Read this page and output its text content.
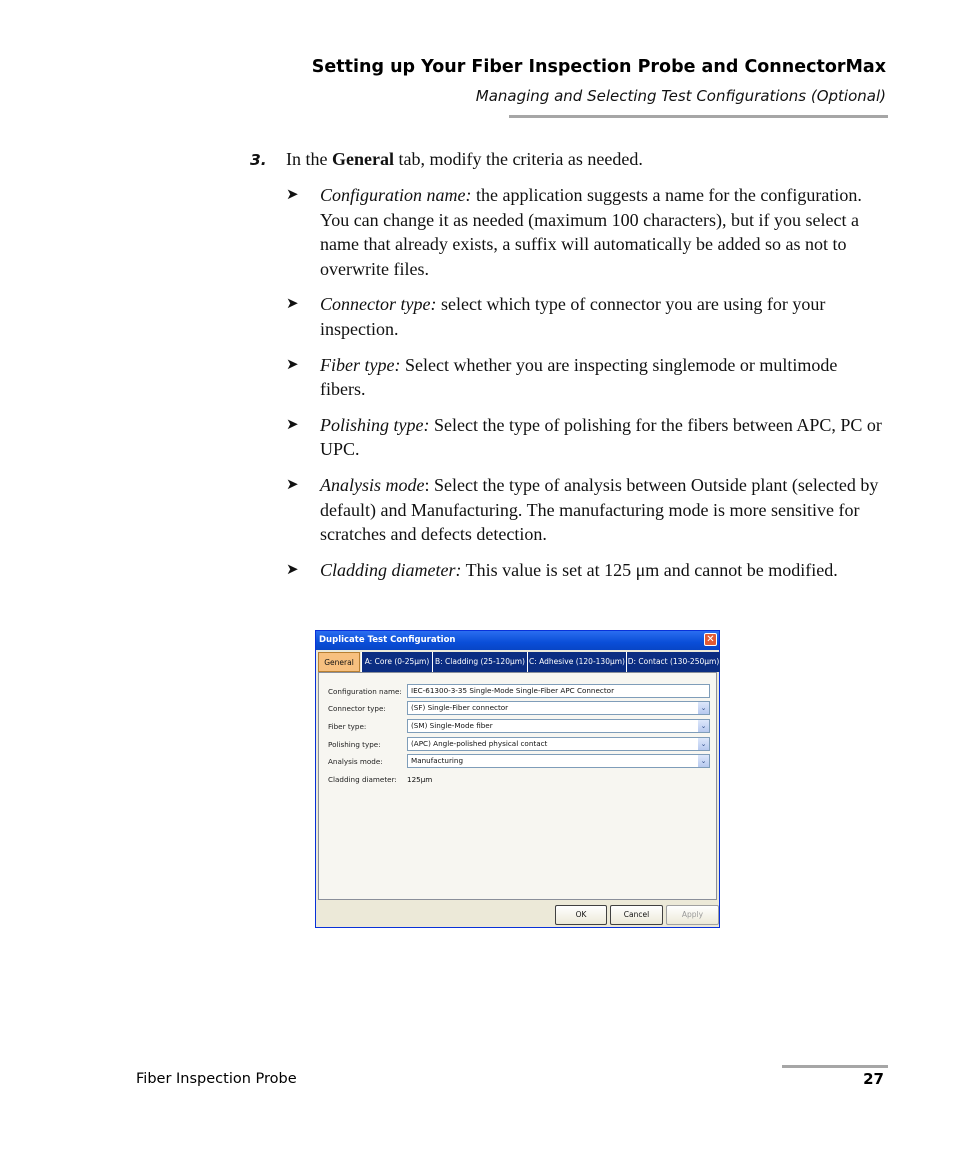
Setting up Your Fiber Inspection Probe and ConnectorMax
Managing and Selecting Test Configurations (Optional)
3. In the General tab, modify the criteria as needed.
➤ Configuration name: the application suggests a name for the configuration. You can change it as needed (maximum 100 characters), but if you select a name that already exists, a suffix will automatically be added so as not to overwrite files.
➤ Connector type: select which type of connector you are using for your inspection.
➤ Fiber type: Select whether you are inspecting singlemode or multimode fibers.
➤ Polishing type: Select the type of polishing for the fibers between APC, PC or UPC.
➤ Analysis mode: Select the type of analysis between Outside plant (selected by default) and Manufacturing. The manufacturing mode is more sensitive for scratches and defects detection.
➤ Cladding diameter: This value is set at 125 μm and cannot be modified.
Duplicate Test Configuration	✕
General	A: Core (0-25μm) B: Cladding (25-120μm) C: Adhesive (120-130μm) D: Contact (130-250μm)
Configuration name:	IEC-61300-3-35 Single-Mode Single-Fiber APC Connector
Connector type:	(SF) Single-Fiber connector	⌄
Fiber type:	(SM) Single-Mode fiber	⌄
Polishing type:	(APC) Angle-polished physical contact	⌄
Analysis mode:	Manufacturing	⌄
Cladding diameter: 125μm
OK	Cancel	Apply
Fiber Inspection Probe	27
